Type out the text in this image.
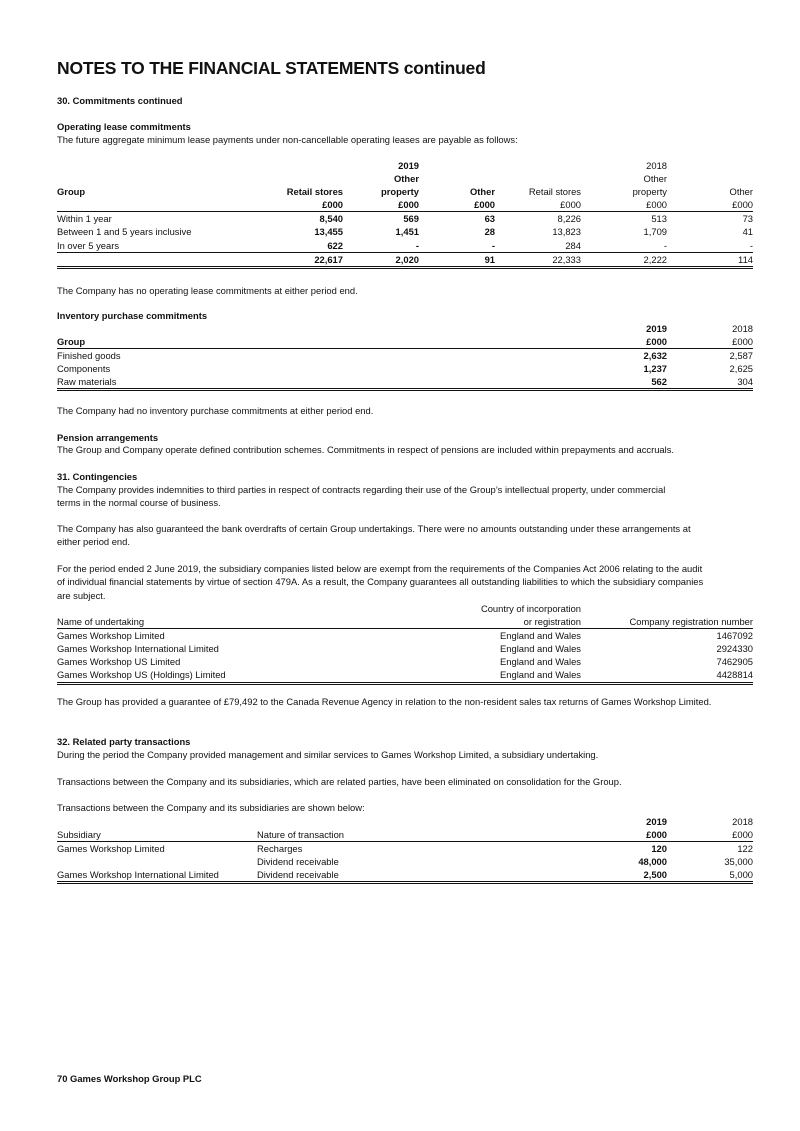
NOTES TO THE FINANCIAL STATEMENTS continued
30. Commitments continued
Operating lease commitments
The future aggregate minimum lease payments under non-cancellable operating leases are payable as follows:
		2019			2018	
		Other			Other	
Group	Retail stores	property	Other	Retail stores	property	Other
	£000	£000	£000	£000	£000	£000
Within 1 year	8,540	569	63	8,226	513	73
Between 1 and 5 years inclusive	13,455	1,451	28	13,823	1,709	41
In over 5 years	622	-	-	284	-	-
	22,617	2,020	91	22,333	2,222	114
The Company has no operating lease commitments at either period end.
Inventory purchase commitments
	2019	2018
Group	£000	£000
Finished goods	2,632	2,587
Components	1,237	2,625
Raw materials	562	304
The Company had no inventory purchase commitments at either period end.
Pension arrangements
The Group and Company operate defined contribution schemes. Commitments in respect of pensions are included within prepayments and accruals.
31. Contingencies

The Company provides indemnities to third parties in respect of contracts regarding their use of the Group’s intellectual property, under commercial

terms in the normal course of business.

The Company has also guaranteed the bank overdrafts of certain Group undertakings. There were no amounts outstanding under these arrangements at

either period end.

For the period ended 2 June 2019, the subsidiary companies listed below are exempt from the requirements of the Companies Act 2006 relating to the audit

of individual financial statements by virtue of section 479A. As a result, the Company guarantees all outstanding liabilities to which the subsidiary companies

are subject.

	Country of incorporation	
Name of undertaking	or registration	Company registration number
Games Workshop Limited	England and Wales	1467092
Games Workshop International Limited	England and Wales	2924330
Games Workshop US Limited	England and Wales	7462905
Games Workshop US (Holdings) Limited	England and Wales	4428814
The Group has provided a guarantee of £79,492 to the Canada Revenue Agency in relation to the non-resident sales tax returns of Games Workshop Limited.
32. Related party transactions
During the period the Company provided management and similar services to Games Workshop Limited, a subsidiary undertaking.
Transactions between the Company and its subsidiaries, which are related parties, have been eliminated on consolidation for the Group.
Transactions between the Company and its subsidiaries are shown below:
		2019	2018
Subsidiary	Nature of transaction	£000	£000
Games Workshop Limited	Recharges	120	122
	Dividend receivable	48,000	35,000
Games Workshop International Limited	Dividend receivable	2,500	5,000
70 Games Workshop Group PLC
